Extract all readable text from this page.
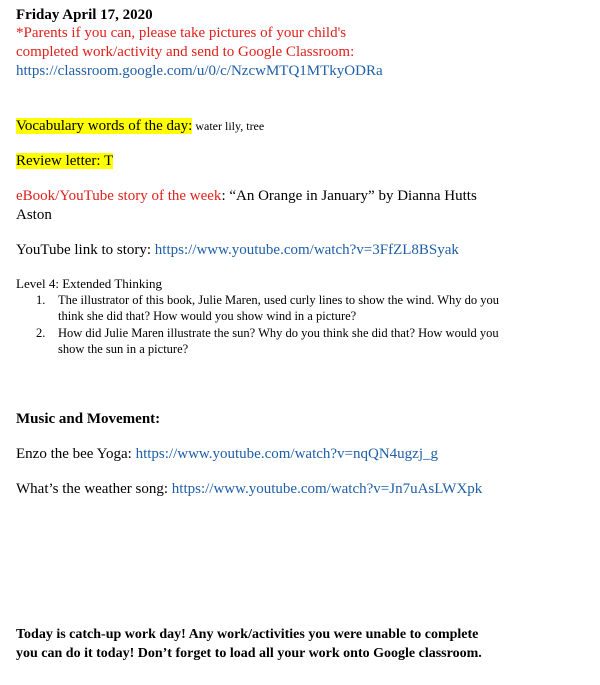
Friday April 17, 2020
*Parents if you can, please take pictures of your child's
completed work/activity and send to Google Classroom:
https://classroom.google.com/u/0/c/NzcwMTQ1MTkyODRa
Vocabulary words of the day: water lily, tree
Review letter: T
eBook/YouTube story of the week: “An Orange in January” by Dianna Hutts
Aston
YouTube link to story: https://www.youtube.com/watch?v=3FfZL8BSyak
Level 4: Extended Thinking
1. The illustrator of this book, Julie Maren, used curly lines to show the wind. Why do you
think she did that? How would you show wind in a picture?
2. How did Julie Maren illustrate the sun? Why do you think she did that? How would you
show the sun in a picture?
Music and Movement:
Enzo the bee Yoga: https://www.youtube.com/watch?v=nqQN4ugzj_g
What’s the weather song: https://www.youtube.com/watch?v=Jn7uAsLWXpk
Today is catch-up work day! Any work/activities you were unable to complete
you can do it today! Don’t forget to load all your work onto Google classroom.
